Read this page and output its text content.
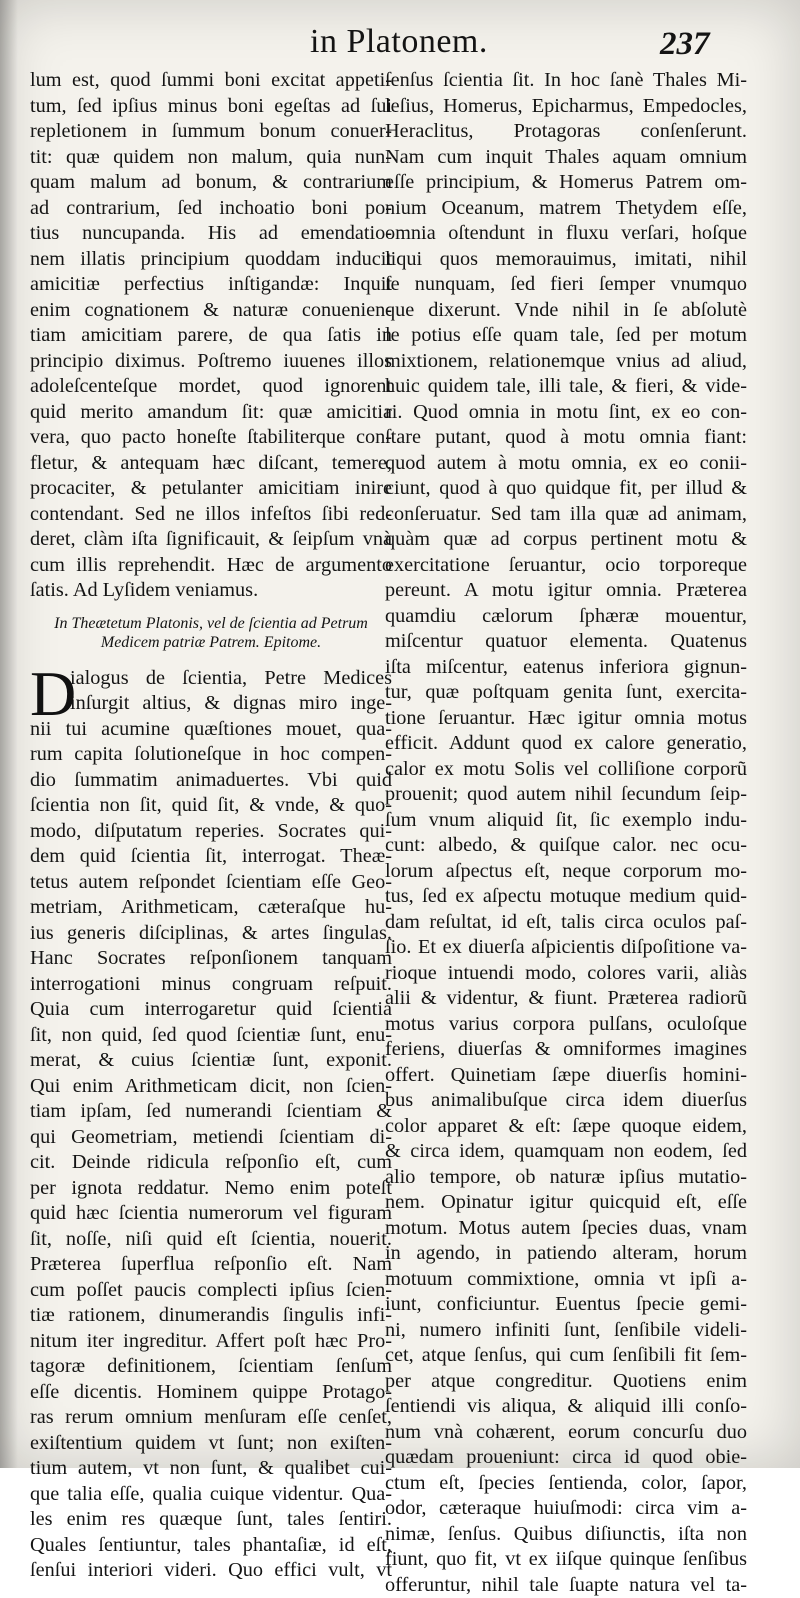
in Platonem.	237
lum est, quod ſummi boni excitat appeti-
tum, ſed ipſius minus boni egeſtas ad ſui
repletionem in ſummum bonum conuer-
tit: quæ quidem non malum, quia nun-
quam malum ad bonum, & contrarium
ad contrarium, ſed inchoatio boni po-
tius nuncupanda. His ad emendatio-
nem illatis principium quoddam inducit
amicitiæ perfectius inſtigandæ: Inquit
enim cognationem & naturæ conuenien-
tiam amicitiam parere, de qua ſatis in
principio diximus. Poſtremo iuuenes illos
adoleſcenteſque mordet, quod ignorent
quid merito amandum ſit: quæ amicitia
vera, quo pacto honeſte ſtabiliterque con-
fletur, & antequam hæc diſcant, temere,
procaciter, & petulanter amicitiam inire
contendant. Sed ne illos infeſtos ſibi red-
deret, clàm iſta ſignificauit, & ſeipſum vnà
cum illis reprehendit. Hæc de argumento
ſatis. Ad Lyſidem veniamus.
In Theætetum Platonis, vel de ſcientia ad Petrum
Medicem patriæ Patrem. Epitome.
D
ialogus de ſcientia, Petre Medices
inſurgit altius, & dignas miro inge-
nii tui acumine quæſtiones mouet, qua-
rum capita ſolutioneſque in hoc compen-
dio ſummatim animaduertes. Vbi quid
ſcientia non ſit, quid ſit, & vnde, & quo-
modo, diſputatum reperies. Socrates qui-
dem quid ſcientia ſit, interrogat. Theæ-
tetus autem reſpondet ſcientiam eſſe Geo-
metriam, Arithmeticam, cæteraſque hu-
ius generis diſciplinas, & artes ſingulas.
Hanc Socrates reſponſionem tanquam
interrogationi minus congruam reſpuit.
Quia cum interrogaretur quid ſcientia
ſit, non quid, ſed quod ſcientiæ ſunt, enu-
merat, & cuius ſcientiæ ſunt, exponit.
Qui enim Arithmeticam dicit, non ſcien-
tiam ipſam, ſed numerandi ſcientiam &
qui Geometriam, metiendi ſcientiam di-
cit. Deinde ridicula reſponſio eſt, cum
per ignota reddatur. Nemo enim poteſt
quid hæc ſcientia numerorum vel figuram
ſit, noſſe, niſi quid eſt ſcientia, nouerit.
Præterea ſuperflua reſponſio eſt. Nam
cum poſſet paucis complecti ipſius ſcien-
tiæ rationem, dinumerandis ſingulis infi-
nitum iter ingreditur. Affert poſt hæc Pro-
tagoræ definitionem, ſcientiam ſenſum
eſſe dicentis. Hominem quippe Protago-
ras rerum omnium menſuram eſſe cenſet,
exiſtentium quidem vt ſunt; non exiſten-
tium autem, vt non ſunt, & qualibet cui-
que talia eſſe, qualia cuique videntur. Qua-
les enim res quæque ſunt, tales ſentiri.
Quales ſentiuntur, tales phantaſiæ, id eſt,
ſenſui interiori videri. Quo effici vult, vt
ſenſus ſcientia ſit. In hoc ſanè Thales Mi-
leſius, Homerus, Epicharmus, Empedocles,
Heraclitus, Protagoras conſenſerunt.
Nam cum inquit Thales aquam omnium
eſſe principium, & Homerus Patrem om-
nium Oceanum, matrem Thetydem eſſe,
omnia oſtendunt in fluxu verſari, hoſque
liqui quos memorauimus, imitati, nihil
ſe nunquam, ſed fieri ſemper vnumquo
que dixerunt. Vnde nihil in ſe abſolutè
le potius eſſe quam tale, ſed per motum
mixtionem, relationemque vnius ad aliud,
huic quidem tale, illi tale, & fieri, & vide-
ri. Quod omnia in motu ſint, ex eo con-
ſtare putant, quod à motu omnia fiant:
quod autem à motu omnia, ex eo conii-
ciunt, quod à quo quidque fit, per illud &
conſeruatur. Sed tam illa quæ ad animam,
quàm quæ ad corpus pertinent motu &
exercitatione ſeruantur, ocio torporeque
pereunt. A motu igitur omnia. Præterea
quamdiu cælorum ſphæræ mouentur,
miſcentur quatuor elementa. Quatenus
iſta miſcentur, eatenus inferiora gignun-
tur, quæ poſtquam genita ſunt, exercita-
tione ſeruantur. Hæc igitur omnia motus
efficit. Addunt quod ex calore generatio,
calor ex motu Solis vel colliſione corporũ
prouenit; quod autem nihil ſecundum ſeip-
ſum vnum aliquid ſit, ſic exemplo indu-
cunt: albedo, & quiſque calor. nec ocu-
lorum aſpectus eſt, neque corporum mo-
tus, ſed ex aſpectu motuque medium quid-
dam reſultat, id eſt, talis circa oculos paſ-
ſio. Et ex diuerſa aſpicientis diſpoſitione va-
rioque intuendi modo, colores varii, aliàs
alii & videntur, & fiunt. Præterea radiorũ
motus varius corpora pulſans, oculoſque
feriens, diuerſas & omniformes imagines
offert. Quinetiam ſæpe diuerſis homini-
bus animalibuſque circa idem diuerſus
color apparet & eſt: ſæpe quoque eidem,
& circa idem, quamquam non eodem, ſed
alio tempore, ob naturæ ipſius mutatio-
nem. Opinatur igitur quicquid eſt, eſſe
motum. Motus autem ſpecies duas, vnam
in agendo, in patiendo alteram, horum
motuum commixtione, omnia vt ipſi a-
iunt, conficiuntur. Euentus ſpecie gemi-
ni, numero infiniti ſunt, ſenſibile videli-
cet, atque ſenſus, qui cum ſenſibili fit ſem-
per atque congreditur. Quotiens enim
ſentiendi vis aliqua, & aliquid illi conſo-
num vnà cohærent, eorum concurſu duo
quædam proueniunt: circa id quod obie-
ctum eſt, ſpecies ſentienda, color, ſapor,
odor, cæteraque huiuſmodi: circa vim a-
nimæ, ſenſus. Quibus diſiunctis, iſta non
fiunt, quo fit, vt ex iiſque quinque ſenſibus
offeruntur, nihil tale ſuapte natura vel ta-
